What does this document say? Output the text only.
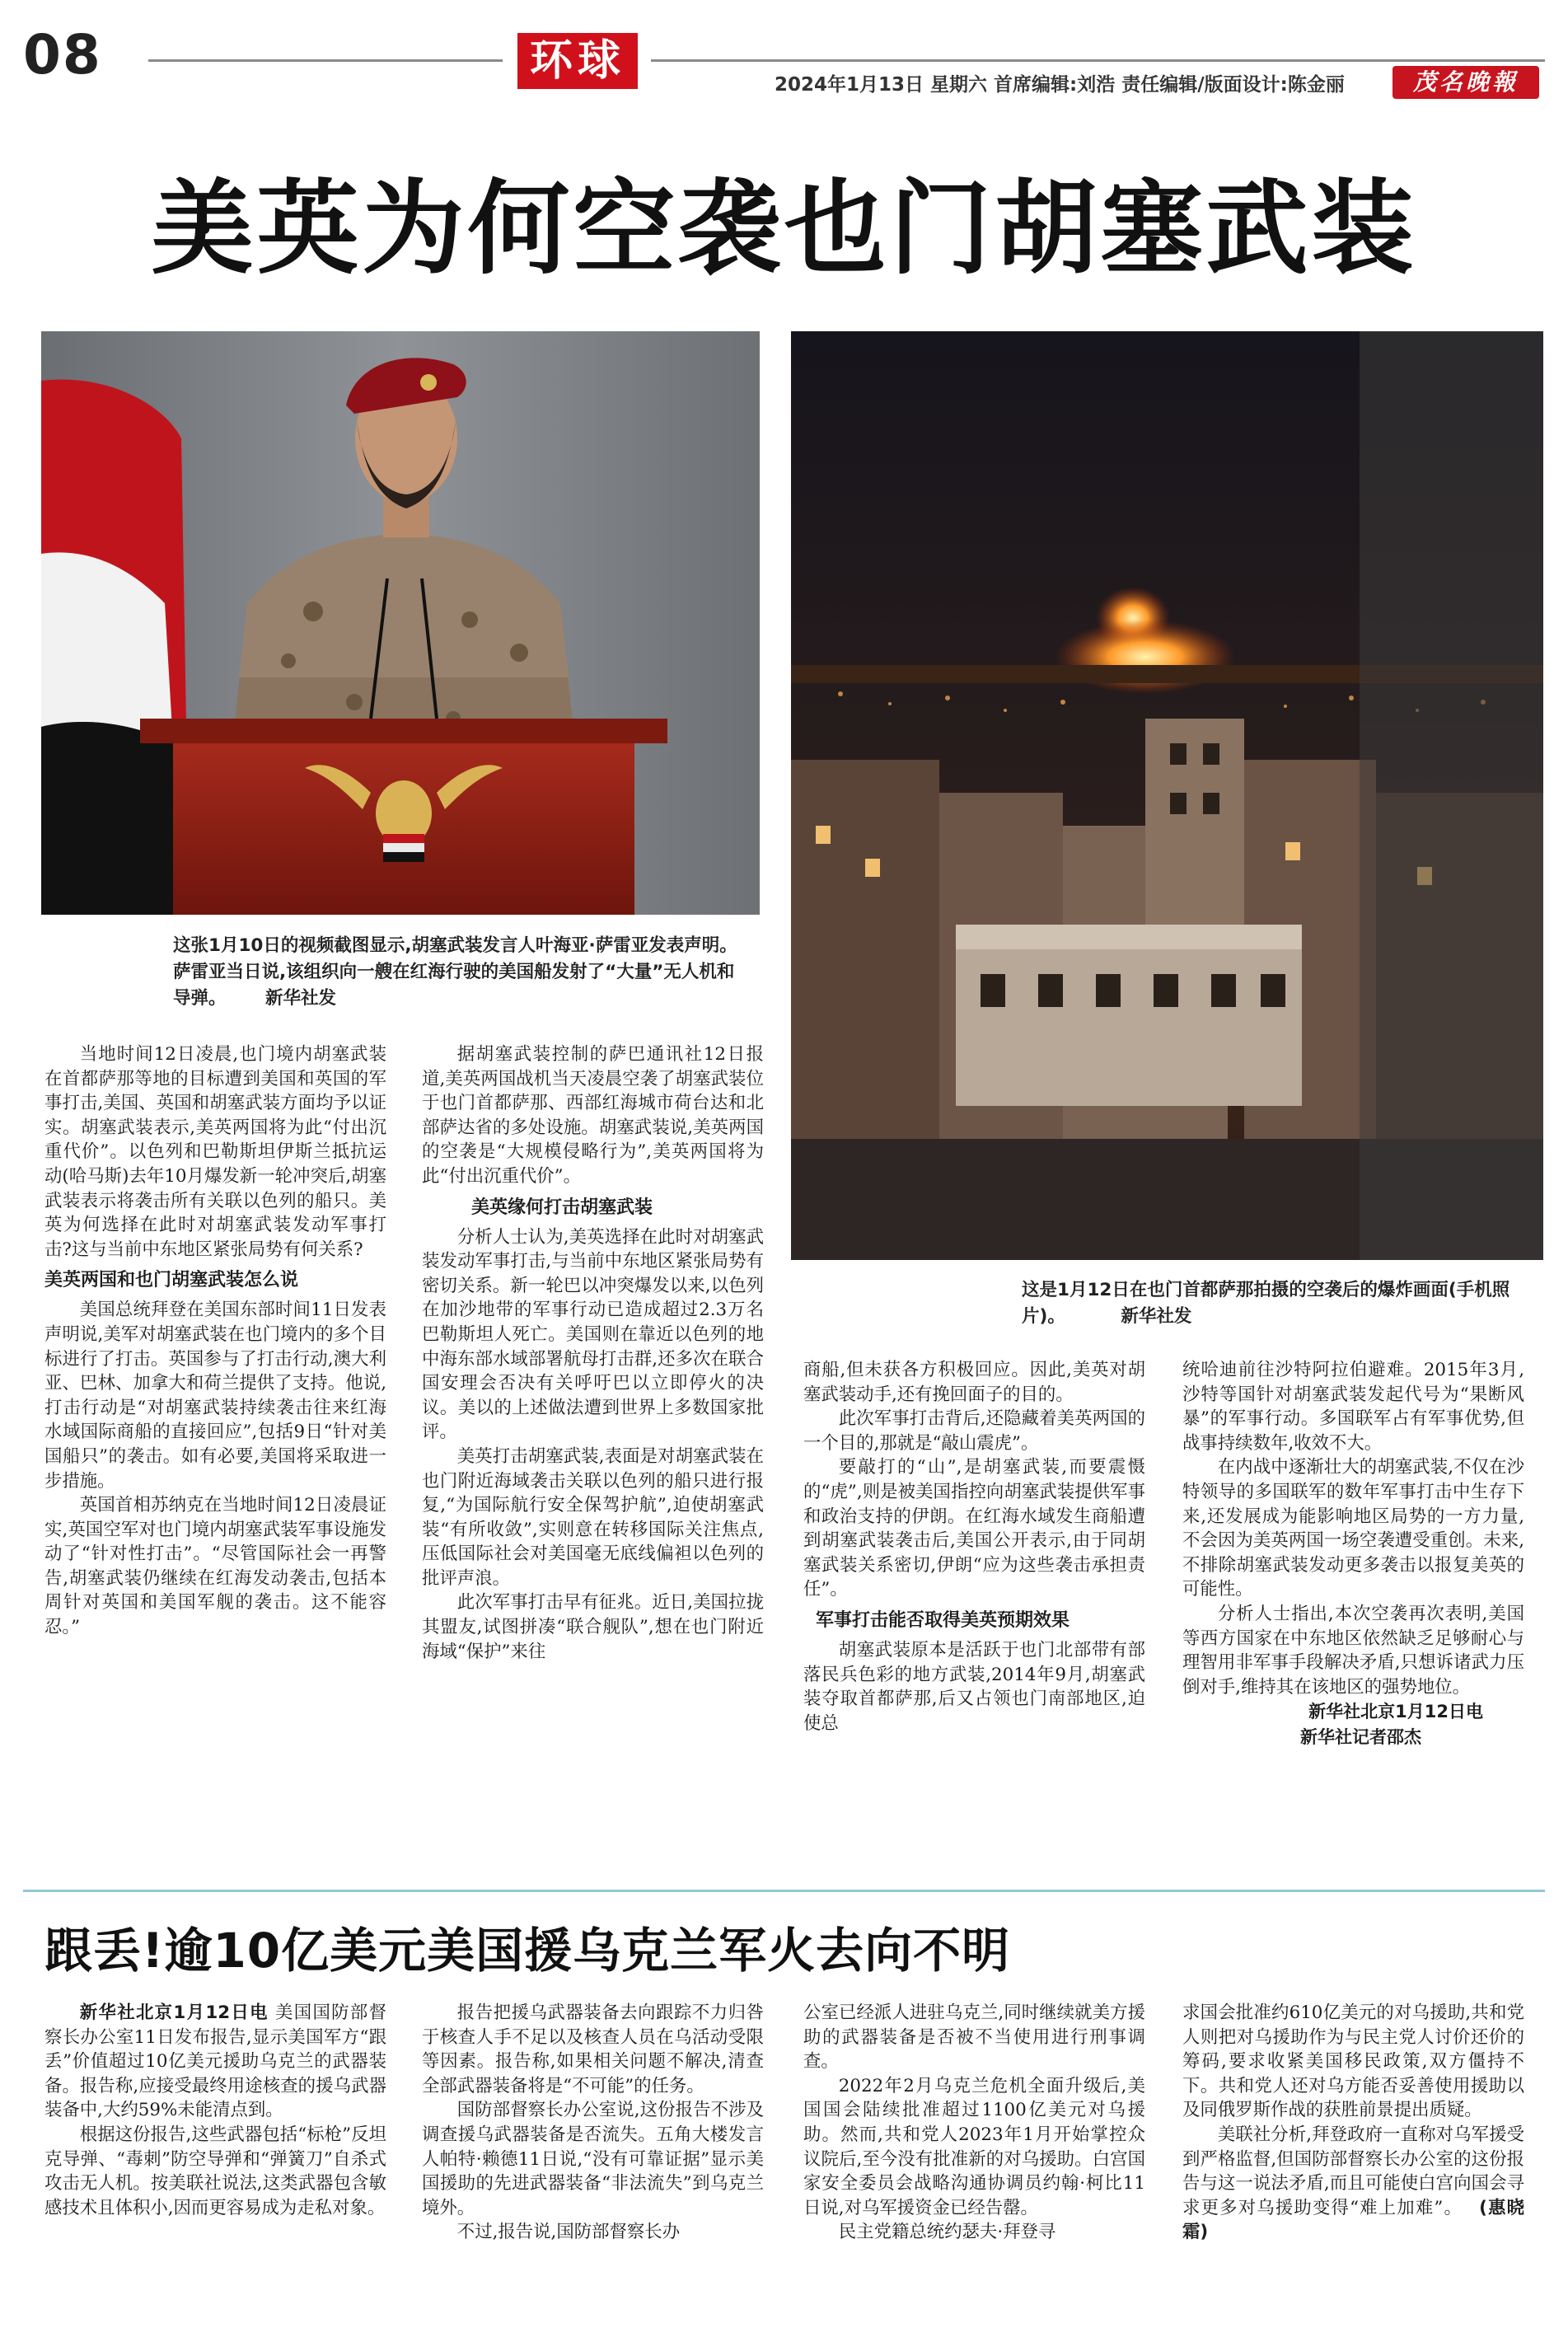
08	环球	2024年1月13日 星期六 首席编辑:刘浩 责任编辑/版面设计:陈金丽	茂名晚報
美英为何空袭也门胡塞武装
这张1月10日的视频截图显示,胡塞武装发言人叶海亚·萨雷亚发表声明。萨雷亚当日说,该组织向一艘在红海行驶的美国船发射了“大量”无人机和导弹。 新华社发
这是1月12日在也门首都萨那拍摄的空袭后的爆炸画面(手机照片)。	新华社发

当地时间12日凌晨,也门境内胡塞武装在首都萨那等地的目标遭到美国和英国的军事打击,美国、英国和胡塞武装方面均予以证实。胡塞武装表示,美英两国将为此“付出沉重代价”。以色列和巴勒斯坦伊斯兰抵抗运动(哈马斯)去年10月爆发新一轮冲突后,胡塞武装表示将袭击所有关联以色列的船只。美英为何选择在此时对胡塞武装发动军事打击?这与当前中东地区紧张局势有何关系?

美英两国和也门胡塞武装怎么说

美国总统拜登在美国东部时间11日发表声明说,美军对胡塞武装在也门境内的多个目标进行了打击。英国参与了打击行动,澳大利亚、巴林、加拿大和荷兰提供了支持。他说,打击行动是“对胡塞武装持续袭击往来红海水域国际商船的直接回应”,包括9日“针对美国船只”的袭击。如有必要,美国将采取进一步措施。

英国首相苏纳克在当地时间12日凌晨证实,英国空军对也门境内胡塞武装军事设施发动了“针对性打击”。“尽管国际社会一再警告,胡塞武装仍继续在红海发动袭击,包括本周针对英国和美国军舰的袭击。这不能容忍。”

据胡塞武装控制的萨巴通讯社12日报道,美英两国战机当天凌晨空袭了胡塞武装位于也门首都萨那、西部红海城市荷台达和北部萨达省的多处设施。胡塞武装说,美英两国的空袭是“大规模侵略行为”,美英两国将为此“付出沉重代价”。

美英缘何打击胡塞武装

分析人士认为,美英选择在此时对胡塞武装发动军事打击,与当前中东地区紧张局势有密切关系。新一轮巴以冲突爆发以来,以色列在加沙地带的军事行动已造成超过2.3万名巴勒斯坦人死亡。美国则在靠近以色列的地中海东部水域部署航母打击群,还多次在联合国安理会否决有关呼吁巴以立即停火的决议。美以的上述做法遭到世界上多数国家批评。

美英打击胡塞武装,表面是对胡塞武装在也门附近海域袭击关联以色列的船只进行报复,“为国际航行安全保驾护航”,迫使胡塞武装“有所收敛”,实则意在转移国际关注焦点,压低国际社会对美国毫无底线偏袒以色列的批评声浪。

此次军事打击早有征兆。近日,美国拉拢其盟友,试图拼凑“联合舰队”,想在也门附近海域“保护”来往

商船,但未获各方积极回应。因此,美英对胡塞武装动手,还有挽回面子的目的。

此次军事打击背后,还隐藏着美英两国的一个目的,那就是“敲山震虎”。

要敲打的“山”,是胡塞武装,而要震慑的“虎”,则是被美国指控向胡塞武装提供军事和政治支持的伊朗。在红海水域发生商船遭到胡塞武装袭击后,美国公开表示,由于同胡塞武装关系密切,伊朗“应为这些袭击承担责任”。

军事打击能否取得美英预期效果

胡塞武装原本是活跃于也门北部带有部落民兵色彩的地方武装,2014年9月,胡塞武装夺取首都萨那,后又占领也门南部地区,迫使总

统哈迪前往沙特阿拉伯避难。2015年3月,沙特等国针对胡塞武装发起代号为“果断风暴”的军事行动。多国联军占有军事优势,但战事持续数年,收效不大。

在内战中逐渐壮大的胡塞武装,不仅在沙特领导的多国联军的数年军事打击中生存下来,还发展成为能影响地区局势的一方力量,不会因为美英两国一场空袭遭受重创。未来,不排除胡塞武装发动更多袭击以报复美英的可能性。

分析人士指出,本次空袭再次表明,美国等西方国家在中东地区依然缺乏足够耐心与理智用非军事手段解决矛盾,只想诉诸武力压倒对手,维持其在该地区的强势地位。

新华社北京1月12日电
新华社记者邵杰
跟丢!逾10亿美元美国援乌克兰军火去向不明

新华社北京1月12日电 美国国防部督察长办公室11日发布报告,显示美国军方“跟丢”价值超过10亿美元援助乌克兰的武器装备。报告称,应接受最终用途核查的援乌武器装备中,大约59%未能清点到。

根据这份报告,这些武器包括“标枪”反坦克导弹、“毒刺”防空导弹和“弹簧刀”自杀式攻击无人机。按美联社说法,这类武器包含敏感技术且体积小,因而更容易成为走私对象。

报告把援乌武器装备去向跟踪不力归咎于核查人手不足以及核查人员在乌活动受限等因素。报告称,如果相关问题不解决,清查全部武器装备将是“不可能”的任务。

国防部督察长办公室说,这份报告不涉及调查援乌武器装备是否流失。五角大楼发言人帕特·赖德11日说,“没有可靠证据”显示美国援助的先进武器装备“非法流失”到乌克兰境外。

不过,报告说,国防部督察长办

公室已经派人进驻乌克兰,同时继续就美方援助的武器装备是否被不当使用进行刑事调查。

2022年2月乌克兰危机全面升级后,美国国会陆续批准超过1100亿美元对乌援助。然而,共和党人2023年1月开始掌控众议院后,至今没有批准新的对乌援助。白宫国家安全委员会战略沟通协调员约翰·柯比11日说,对乌军援资金已经告罄。

民主党籍总统约瑟夫·拜登寻

求国会批准约610亿美元的对乌援助,共和党人则把对乌援助作为与民主党人讨价还价的筹码,要求收紧美国移民政策,双方僵持不下。共和党人还对乌方能否妥善使用援助以及同俄罗斯作战的获胜前景提出质疑。

美联社分析,拜登政府一直称对乌军援受到严格监督,但国防部督察长办公室的这份报告与这一说法矛盾,而且可能使白宫向国会寻求更多对乌援助变得“难上加难”。 (惠晓霜)
